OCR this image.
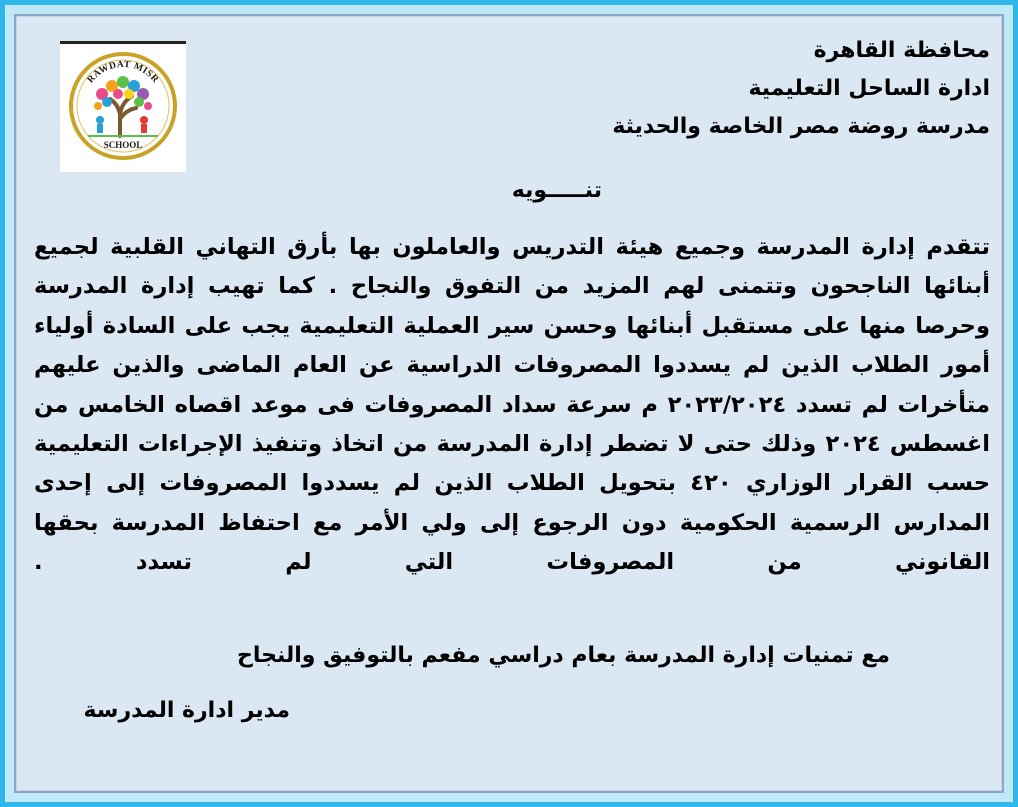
RAWDAT MISR
SCHOOL
محافظة القاهرة
ادارة الساحل التعليمية
مدرسة روضة مصر الخاصة والحديثة
تنـــــويه
تتقدم إدارة المدرسة وجميع هيئة التدريس والعاملون بها بأرق التهاني القلبية لجميع أبنائها الناجحون وتتمنى لهم المزيد من التفوق والنجاح . كما تهيب إدارة المدرسة وحرصا منها على مستقبل أبنائها وحسن سير العملية التعليمية يجب على السادة أولياء أمور الطلاب الذين لم يسددوا المصروفات الدراسية عن العام الماضى والذين عليهم متأخرات لم تسدد ٢٠٢٣/٢٠٢٤ م سرعة سداد المصروفات فى موعد اقصاه الخامس من اغسطس ٢٠٢٤ وذلك حتى لا تضطر إدارة المدرسة من اتخاذ وتنفيذ الإجراءات التعليمية حسب القرار الوزاري ٤٢٠ بتحويل الطلاب الذين لم يسددوا المصروفات إلى إحدى المدارس الرسمية الحكومية دون الرجوع إلى ولي الأمر مع احتفاظ المدرسة بحقها القانوني من المصروفات التي لم تسدد .
مع تمنيات إدارة المدرسة بعام دراسي مفعم بالتوفيق والنجاح
مدير ادارة المدرسة
